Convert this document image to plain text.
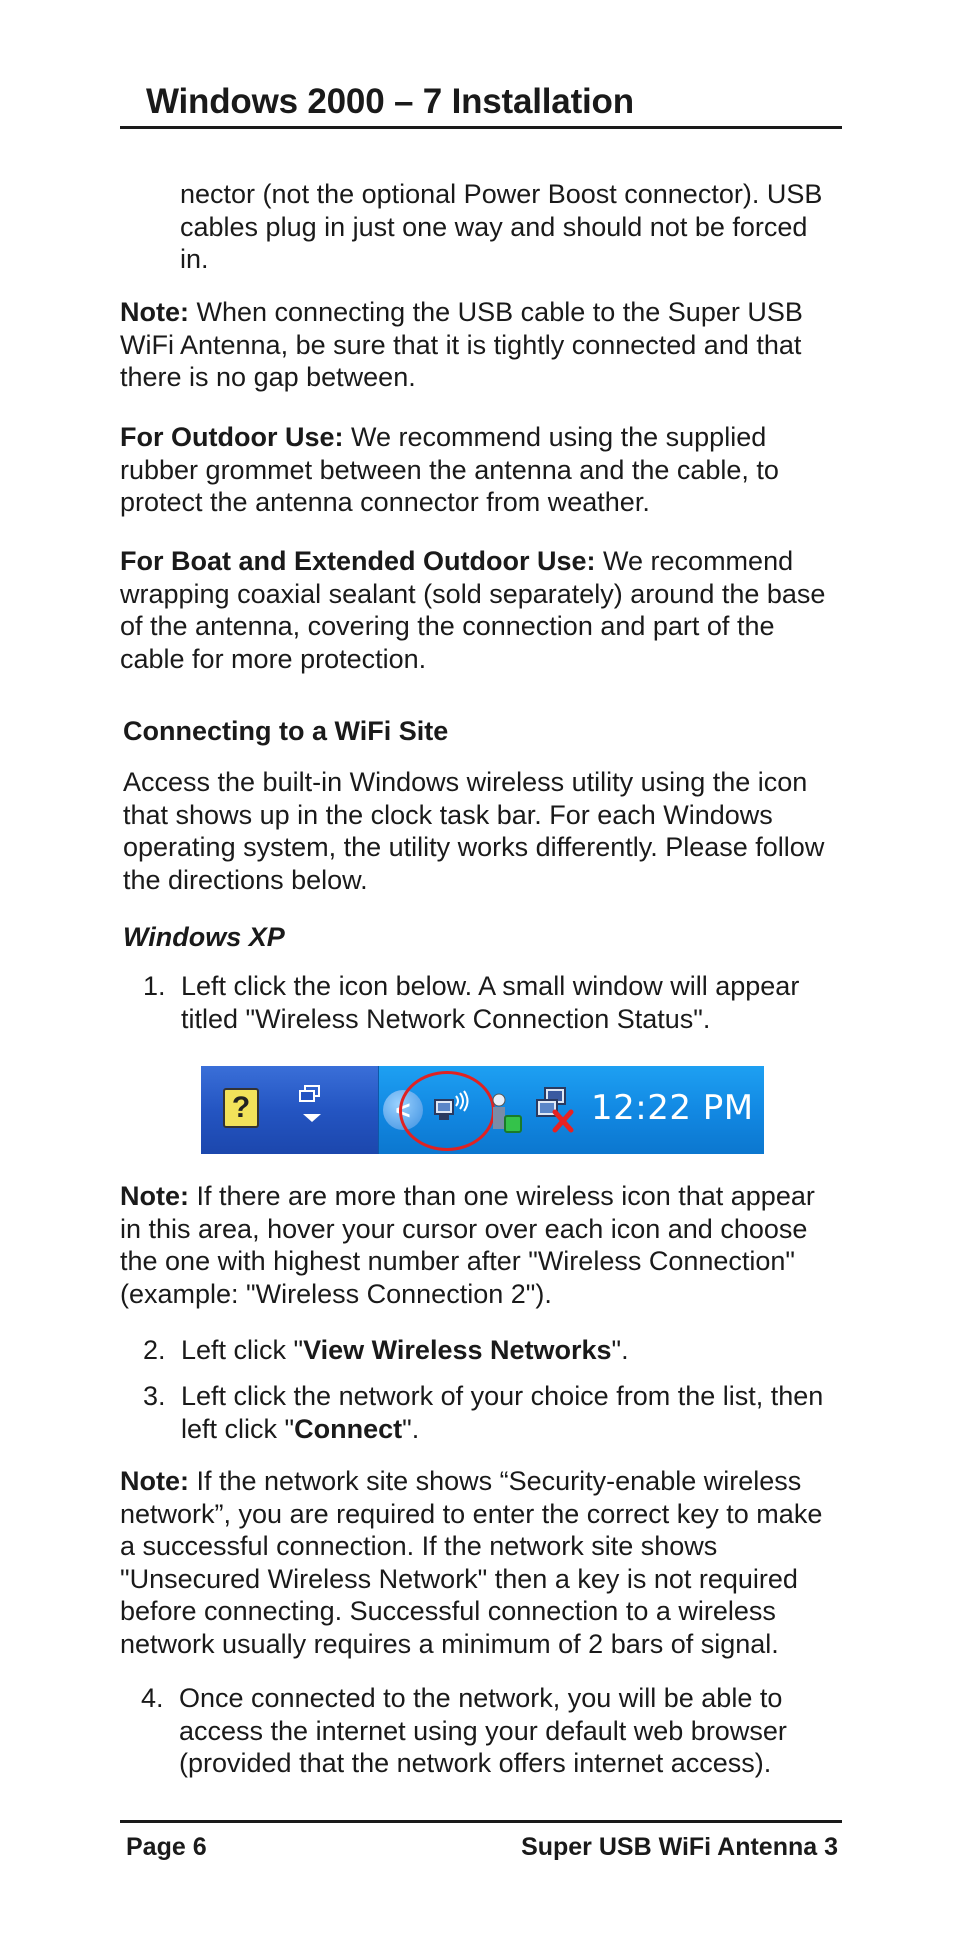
Windows 2000 – 7 Installation

nector (not the optional Power Boost connector). USB cables plug in just one way and should not be forced in.

Note: When connecting the USB cable to the Super USB WiFi Antenna, be sure that it is tightly connected and that there is no gap between.

For Outdoor Use: We recommend using the supplied rubber grommet between the antenna and the cable, to protect the antenna connector from weather.

For Boat and Extended Outdoor Use: We recommend wrapping coaxial sealant (sold separately) around the base of the antenna, covering the connection and part of the cable for more protection.

Connecting to a WiFi Site

Access the built-in Windows wireless utility using the icon that shows up in the clock task bar. For each Windows operating system, the utility works differently. Please follow the directions below.

Windows XP
1. Left click the icon below. A small window will appear titled "Wireless Network Connection Status".
?	<	12:22 PM

Note: If there are more than one wireless icon that appear in this area, hover your cursor over each icon and choose the one with highest number after "Wireless Connection" (example: "Wireless Connection 2").

2. Left click "View Wireless Networks".
3. Left click the network of your choice from the list, then left click "Connect".

Note: If the network site shows “Security-enable wireless network”, you are required to enter the correct key to make a successful connection. If the network site shows "Unsecured Wireless Network" then a key is not required before connecting. Successful connection to a wireless network usually requires a minimum of 2 bars of signal.

4. Once connected to the network, you will be able to access the internet using your default web browser (provided that the network offers internet access).
Page 6	Super USB WiFi Antenna 3
